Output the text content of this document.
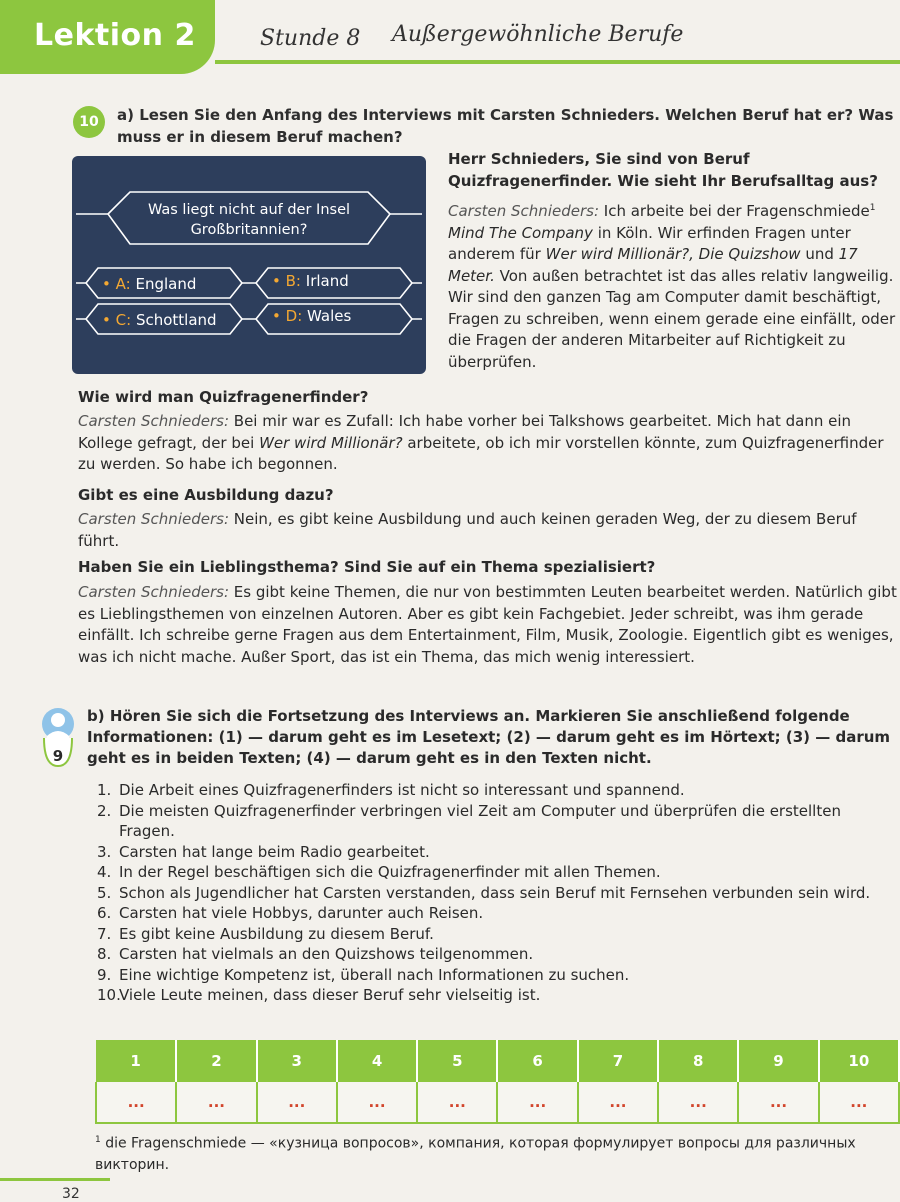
Lektion 2	Stunde 8 Außergewöhnliche Berufe
10	a) Lesen Sie den Anfang des Interviews mit Carsten Schnieders. Welchen Beruf hat er? Was muss er in diesem Beruf machen?
Was liegt nicht auf der Insel
Großbritannien?
• A: England	• B: Irland
• C: Schottland	• D: Wales
Herr Schnieders, Sie sind von Beruf Quizfragenerfinder. Wie sieht Ihr Berufsalltag aus?
Carsten Schnieders: Ich arbeite bei der Fragenschmiede$^1$ Mind The Company in Köln. Wir erfinden Fragen unter anderem für Wer wird Millionär?, Die Quizshow und 17 Meter. Von außen betrachtet ist das alles relativ langweilig. Wir sind den ganzen Tag am Computer damit beschäftigt, Fragen zu schreiben, wenn einem gerade eine einfällt, oder die Fragen der anderen Mitarbeiter auf Richtigkeit zu überprüfen.
Wie wird man Quizfragenerfinder?
Carsten Schnieders: Bei mir war es Zufall: Ich habe vorher bei Talkshows gearbeitet. Mich hat dann ein Kollege gefragt, der bei Wer wird Millionär? arbeitete, ob ich mir vorstellen könnte, zum Quizfragenerfinder zu werden. So habe ich begonnen.
Gibt es eine Ausbildung dazu?
Carsten Schnieders: Nein, es gibt keine Ausbildung und auch keinen geraden Weg, der zu diesem Beruf führt.
Haben Sie ein Lieblingsthema? Sind Sie auf ein Thema spezialisiert?
Carsten Schnieders: Es gibt keine Themen, die nur von bestimmten Leuten bearbeitet werden. Natürlich gibt es Lieblingsthemen von einzelnen Autoren. Aber es gibt kein Fachgebiet. Jeder schreibt, was ihm gerade einfällt. Ich schreibe gerne Fragen aus dem Entertainment, Film, Musik, Zoologie. Eigentlich gibt es weniges, was ich nicht mache. Außer Sport, das ist ein Thema, das mich wenig interessiert.
9
b) Hören Sie sich die Fortsetzung des Interviews an. Markieren Sie anschließend folgende Informationen: (1) — darum geht es im Lesetext; (2) — darum geht es im Hörtext; (3) — darum geht es in beiden Texten; (4) — darum geht es in den Texten nicht.
1. Die Arbeit eines Quizfragenerfinders ist nicht so interessant und spannend.
2. Die meisten Quizfragenerfinder verbringen viel Zeit am Computer und überprüfen die erstellten Fragen.
3. Carsten hat lange beim Radio gearbeitet.
4. In der Regel beschäftigen sich die Quizfragenerfinder mit allen Themen.
5. Schon als Jugendlicher hat Carsten verstanden, dass sein Beruf mit Fernsehen verbunden sein wird.
6. Carsten hat viele Hobbys, darunter auch Reisen.
7. Es gibt keine Ausbildung zu diesem Beruf.
8. Carsten hat vielmals an den Quizshows teilgenommen.
9. Eine wichtige Kompetenz ist, überall nach Informationen zu suchen.
10.
Viele Leute meinen, dass dieser Beruf sehr vielseitig ist.
1	2	3	4	5	6	7	8	9	10
...	...	...	...	...	...	...	...	...	...
$^1$ die Fragenschmiede — «кузница вопросов», компания, которая формулирует вопросы для различных викторин.
32
